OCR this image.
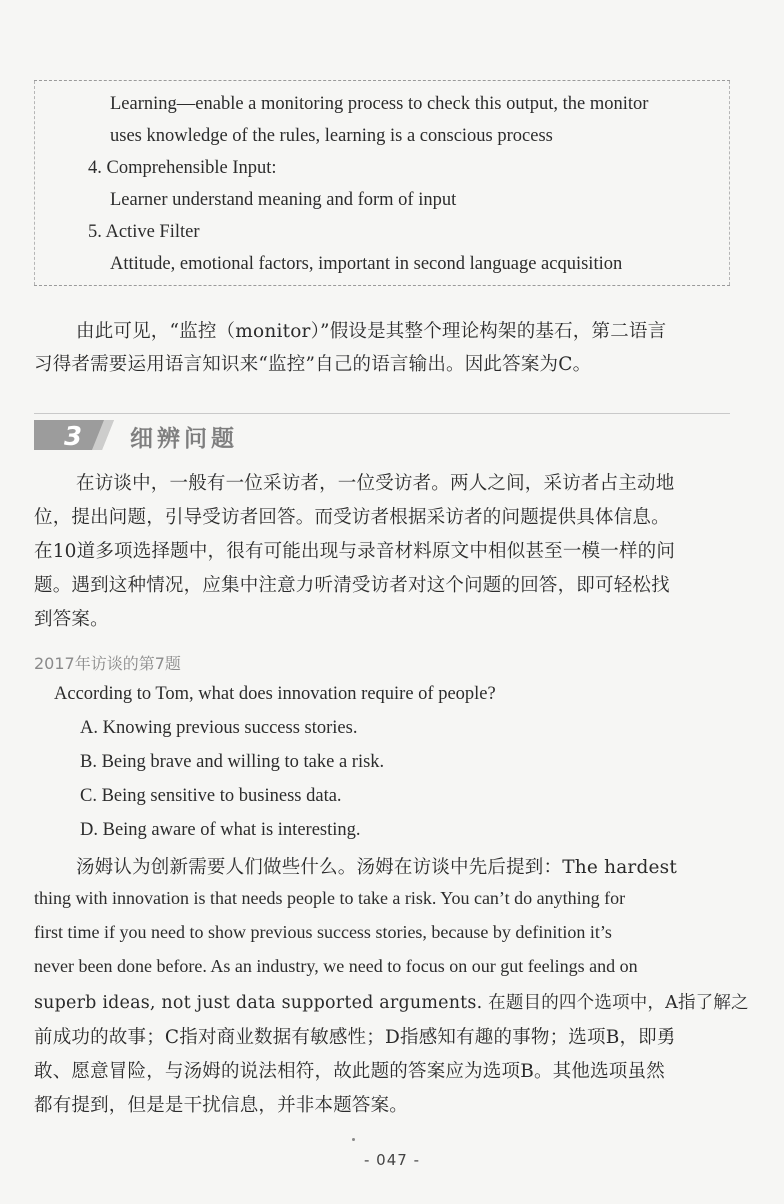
Learning—enable a monitoring process to check this output, the monitor
uses knowledge of the rules, learning is a conscious process
4. Comprehensible Input:
Learner understand meaning and form of input
5. Active Filter
Attitude, emotional factors, important in second language acquisition
由此可见，“监控（monitor）”假设是其整个理论构架的基石，第二语言
习得者需要运用语言知识来“监控”自己的语言输出。因此答案为C。
3 细辨问题
在访谈中，一般有一位采访者，一位受访者。两人之间，采访者占主动地
位，提出问题，引导受访者回答。而受访者根据采访者的问题提供具体信息。
在10道多项选择题中，很有可能出现与录音材料原文中相似甚至一模一样的问
题。遇到这种情况，应集中注意力听清受访者对这个问题的回答，即可轻松找
到答案。
2017年访谈的第7题
According to Tom, what does innovation require of people?
A. Knowing previous success stories.
B. Being brave and willing to take a risk.
C. Being sensitive to business data.
D. Being aware of what is interesting.
汤姆认为创新需要人们做些什么。汤姆在访谈中先后提到：The hardest
thing with innovation is that needs people to take a risk. You can’t do anything for
first time if you need to show previous success stories, because by definition it’s
never been done before. As an industry, we need to focus on our gut feelings and on
superb ideas, not just data supported arguments. 在题目的四个选项中，A指了解之
前成功的故事；C指对商业数据有敏感性；D指感知有趣的事物；选项B，即勇
敢、愿意冒险，与汤姆的说法相符，故此题的答案应为选项B。其他选项虽然
都有提到，但是是干扰信息，并非本题答案。
- 047 -
